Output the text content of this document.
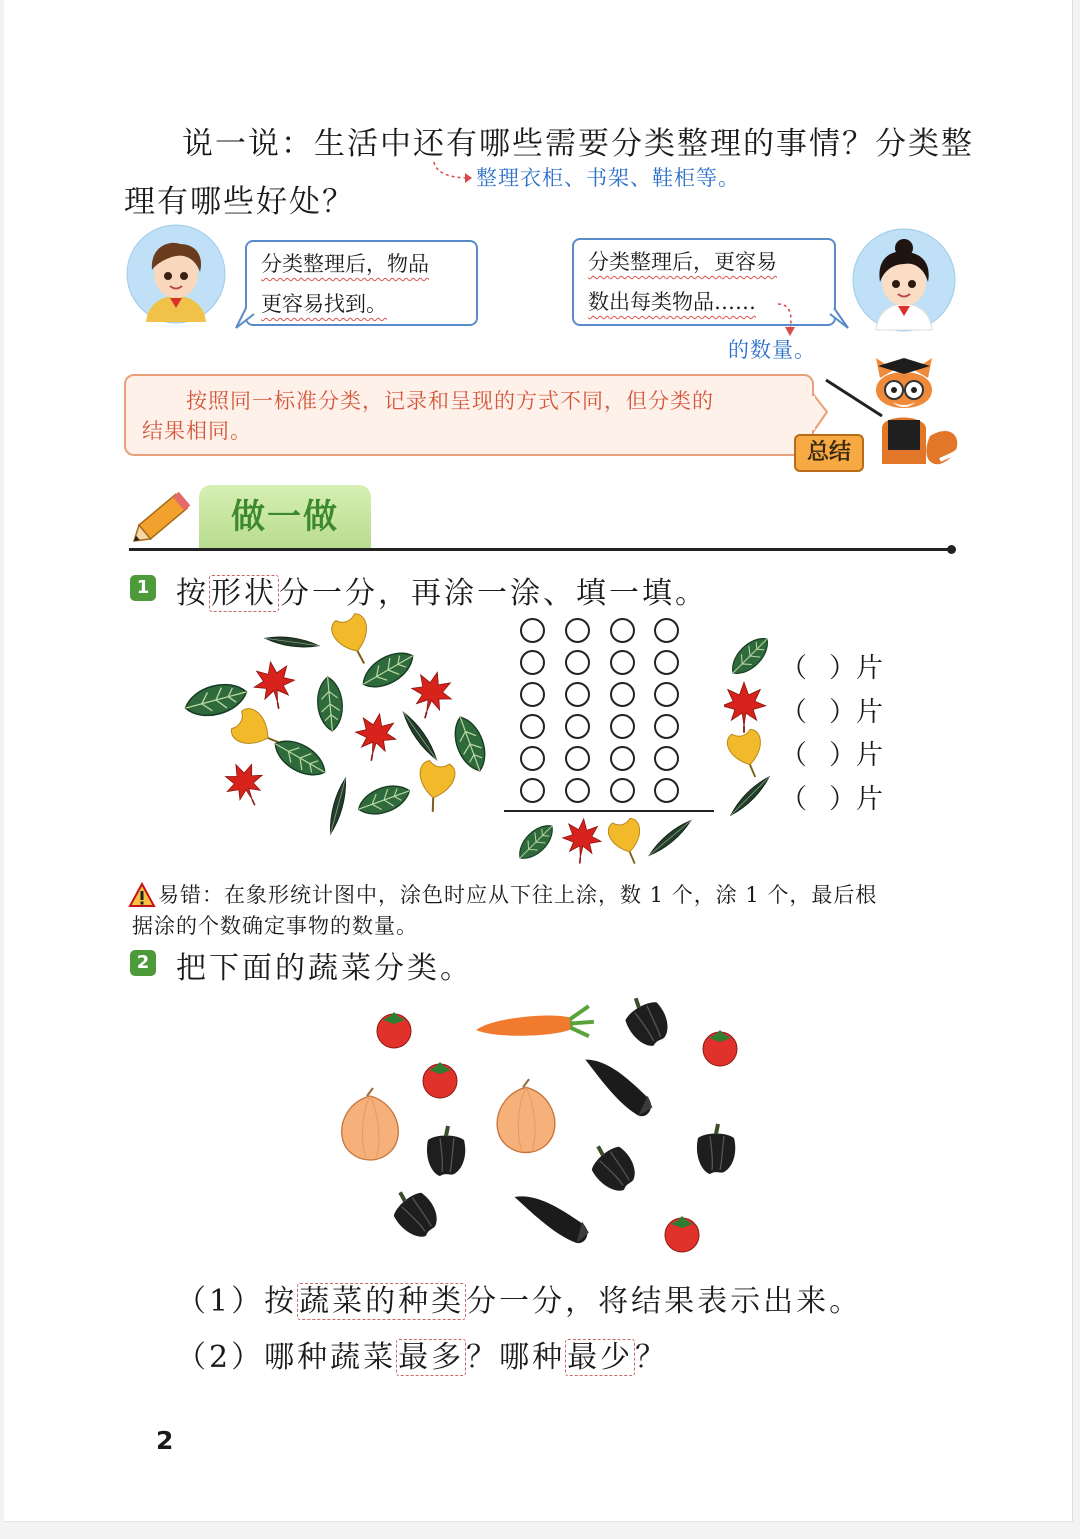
说一说：生活中还有哪些需要分类整理的事情？分类整
理有哪些好处？
整理衣柜、书架、鞋柜等。
分类整理后，物品
更容易找到。
分类整理后，更容易
数出每类物品……
的数量。
按照同一标准分类，记录和呈现的方式不同，但分类的
结果相同。
总结
做一做
1 按形状分一分，再涂一涂、填一填。
（ ）片
（ ）片
（ ）片
（ ）片
易错：在象形统计图中，涂色时应从下往上涂，数 1 个，涂 1 个，最后根
据涂的个数确定事物的数量。
2 把下面的蔬菜分类。
（1）按蔬菜的种类分一分，将结果表示出来。
（2）哪种蔬菜最多？哪种最少？
2
